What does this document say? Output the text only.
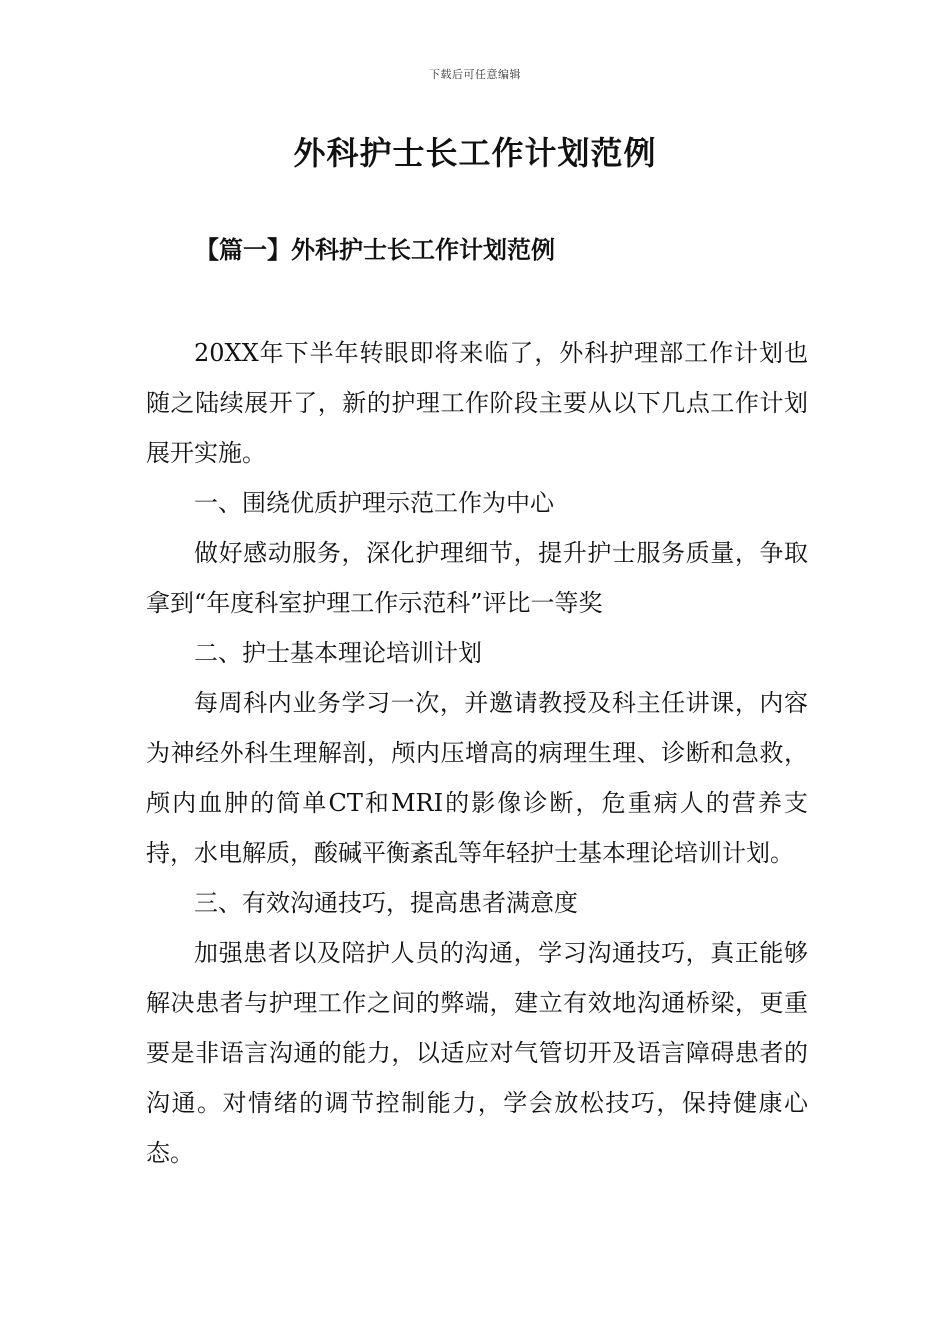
下载后可任意编辑
外科护士长工作计划范例
【篇一】外科护士长工作计划范例

20XX年下半年转眼即将来临了，外科护理部工作计划也随之陆续展开了，新的护理工作阶段主要从以下几点工作计划展开实施。

一、围绕优质护理示范工作为中心

做好感动服务，深化护理细节，提升护士服务质量，争取拿到“年度科室护理工作示范科”评比一等奖

二、护士基本理论培训计划

每周科内业务学习一次，并邀请教授及科主任讲课，内容为神经外科生理解剖，颅内压增高的病理生理、诊断和急救，颅内血肿的简单CT和MRI的影像诊断，危重病人的营养支持，水电解质，酸碱平衡紊乱等年轻护士基本理论培训计划。

三、有效沟通技巧，提高患者满意度

加强患者以及陪护人员的沟通，学习沟通技巧，真正能够解决患者与护理工作之间的弊端，建立有效地沟通桥梁，更重要是非语言沟通的能力，以适应对气管切开及语言障碍患者的沟通。对情绪的调节控制能力，学会放松技巧，保持健康心态。
